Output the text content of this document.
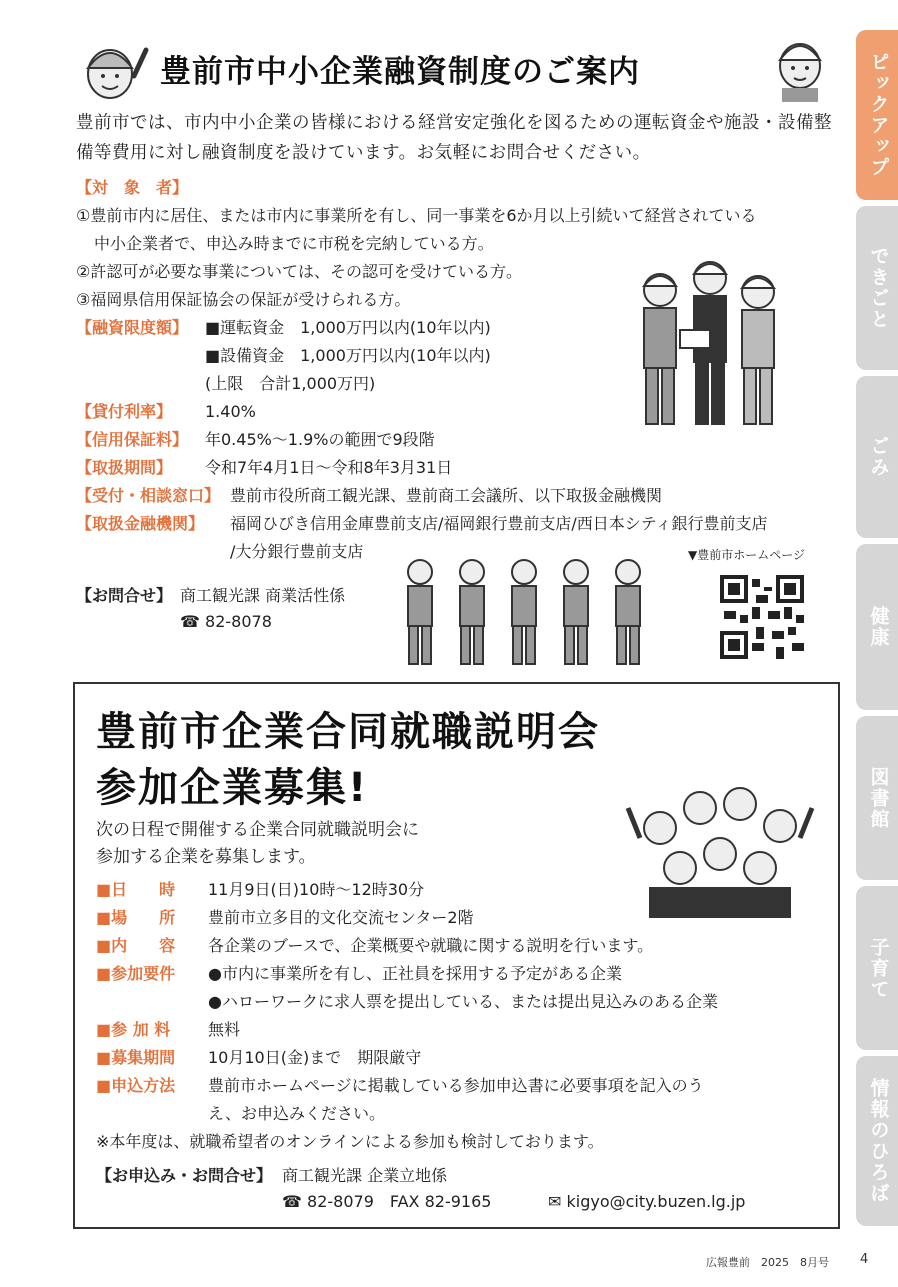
ピックアップ
できごと
ごみ
健康
図書館
子育て
情報のひろば
豊前市中小企業融資制度のご案内
豊前市では、市内中小企業の皆様における経営安定強化を図るための運転資金や施設・設備整備等費用に対し融資制度を設けています。お気軽にお問合せください。
【対　象　者】
①豊前市内に居住、または市内に事業所を有し、同一事業を6か月以上引続いて経営されている
中小企業者で、申込み時までに市税を完納している方。
②許認可が必要な事業については、その認可を受けている方。
③福岡県信用保証協会の保証が受けられる方。
【融資限度額】 ■運転資金　1,000万円以内(10年以内)
■設備資金　1,000万円以内(10年以内)
(上限　合計1,000万円)
【貸付利率】 1.40%
【信用保証料】 年0.45%～1.9%の範囲で9段階
【取扱期間】 令和7年4月1日～令和8年3月31日
【受付・相談窓口】 豊前市役所商工観光課、豊前商工会議所、以下取扱金融機関
【取扱金融機関】 福岡ひびき信用金庫豊前支店/福岡銀行豊前支店/西日本シティ銀行豊前支店
/大分銀行豊前支店
【お問合せ】 商工観光課 商業活性係
☎ 82-8078
▼豊前市ホームページ
豊前市企業合同就職説明会
参加企業募集!
次の日程で開催する企業合同就職説明会に
参加する企業を募集します。
■日　　時 11月9日(日)10時～12時30分
■場　　所 豊前市立多目的文化交流センター2階
■内　　容 各企業のブースで、企業概要や就職に関する説明を行います。
■参加要件 ●市内に事業所を有し、正社員を採用する予定がある企業
●ハローワークに求人票を提出している、または提出見込みのある企業
■参 加 料 無料
■募集期間 10月10日(金)まで　期限厳守
■申込方法 豊前市ホームページに掲載している参加申込書に必要事項を記入のう
え、お申込みください。
※本年度は、就職希望者のオンラインによる参加も検討しております。
【お申込み・お問合せ】 商工観光課 企業立地係
☎ 82-8079　FAX 82-9165	✉ kigyo@city.buzen.lg.jp
広報豊前　2025　8月号 4
